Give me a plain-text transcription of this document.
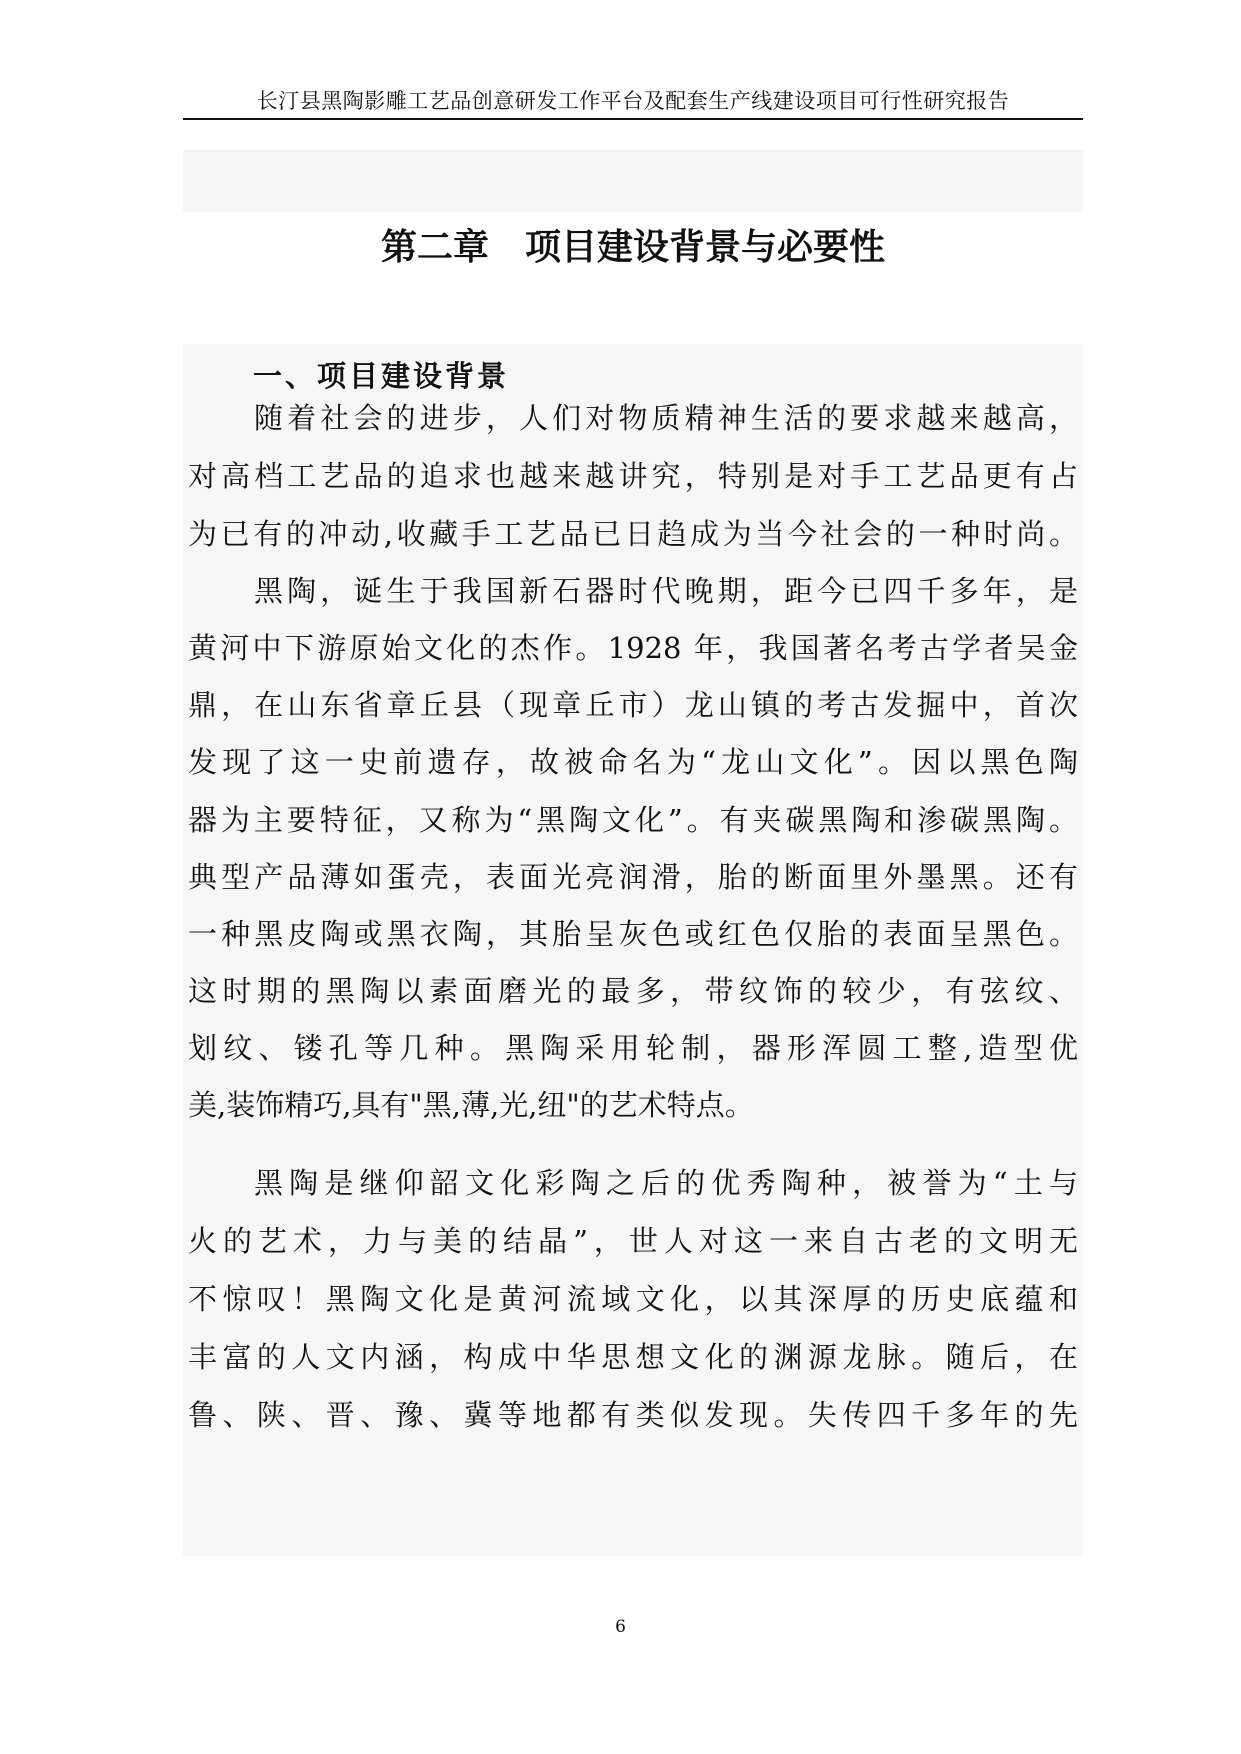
长汀县黑陶影雕工艺品创意研发工作平台及配套生产线建设项目可行性研究报告
第二章　项目建设背景与必要性
一、项目建设背景
随着社会的进步，人们对物质精神生活的要求越来越高，
对高档工艺品的追求也越来越讲究，特别是对手工艺品更有占
为已有的冲动,收藏手工艺品已日趋成为当今社会的一种时尚。
黑陶，诞生于我国新石器时代晚期，距今已四千多年，是
黄河中下游原始文化的杰作。1928 年，我国著名考古学者吴金
鼎，在山东省章丘县（现章丘市）龙山镇的考古发掘中，首次
发现了这一史前遗存，故被命名为“龙山文化”。因以黑色陶
器为主要特征，又称为“黑陶文化”。有夹碳黑陶和渗碳黑陶。
典型产品薄如蛋壳，表面光亮润滑，胎的断面里外墨黑。还有
一种黑皮陶或黑衣陶，其胎呈灰色或红色仅胎的表面呈黑色。
这时期的黑陶以素面磨光的最多，带纹饰的较少，有弦纹、
划纹、镂孔等几种。黑陶采用轮制，器形浑圆工整,造型优
美,装饰精巧,具有"黑,薄,光,纽"的艺术特点。
黑陶是继仰韶文化彩陶之后的优秀陶种，被誉为“土与
火的艺术，力与美的结晶”，世人对这一来自古老的文明无
不惊叹！黑陶文化是黄河流域文化，以其深厚的历史底蕴和
丰富的人文内涵，构成中华思想文化的渊源龙脉。随后，在
鲁、陕、晋、豫、冀等地都有类似发现。失传四千多年的先
6
